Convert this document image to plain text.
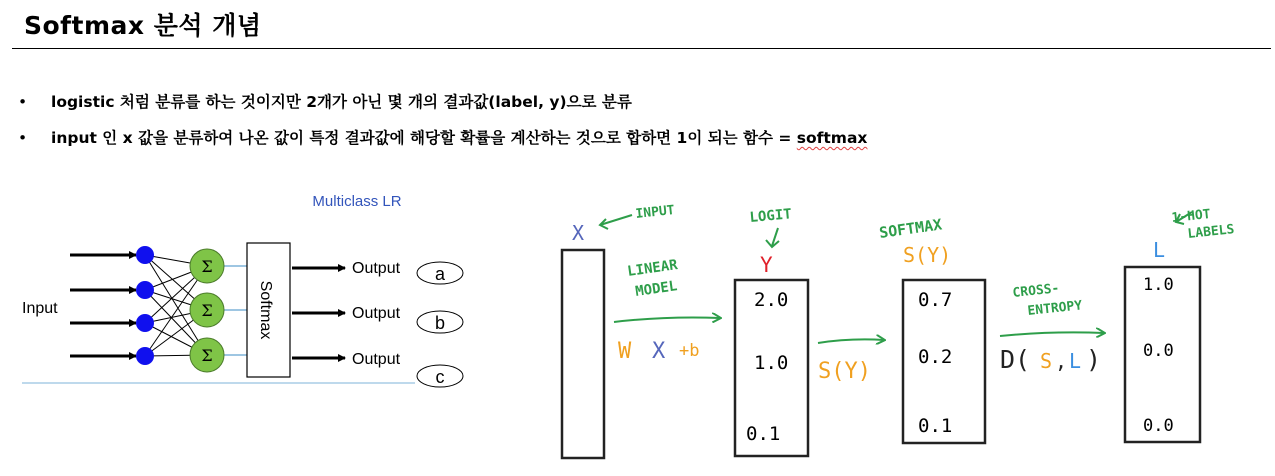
Softmax 분석 개념
• logistic 처럼 분류를 하는 것이지만 2개가 아닌 몇 개의 결과값(label, y)으로 분류
• input 인 x 값을 분류하여 나온 값이 특정 결과값에 해당할 확률을 계산하는 것으로 합하면 1이 되는 함수 = softmax
Multiclass LR
Input
Σ
Σ
Σ
Softmax
Output
Output
Output
a
b
c
X
INPUT
LINEAR
MODEL
W X +b
LOGIT
Y
2.0
1.0
0.1
S(Y)
SOFTMAX
S(Y)
0.7
0.2
0.1
CROSS-
ENTROPY
D( S , L )
1-HOT
LABELS
L
1.0
0.0
0.0
